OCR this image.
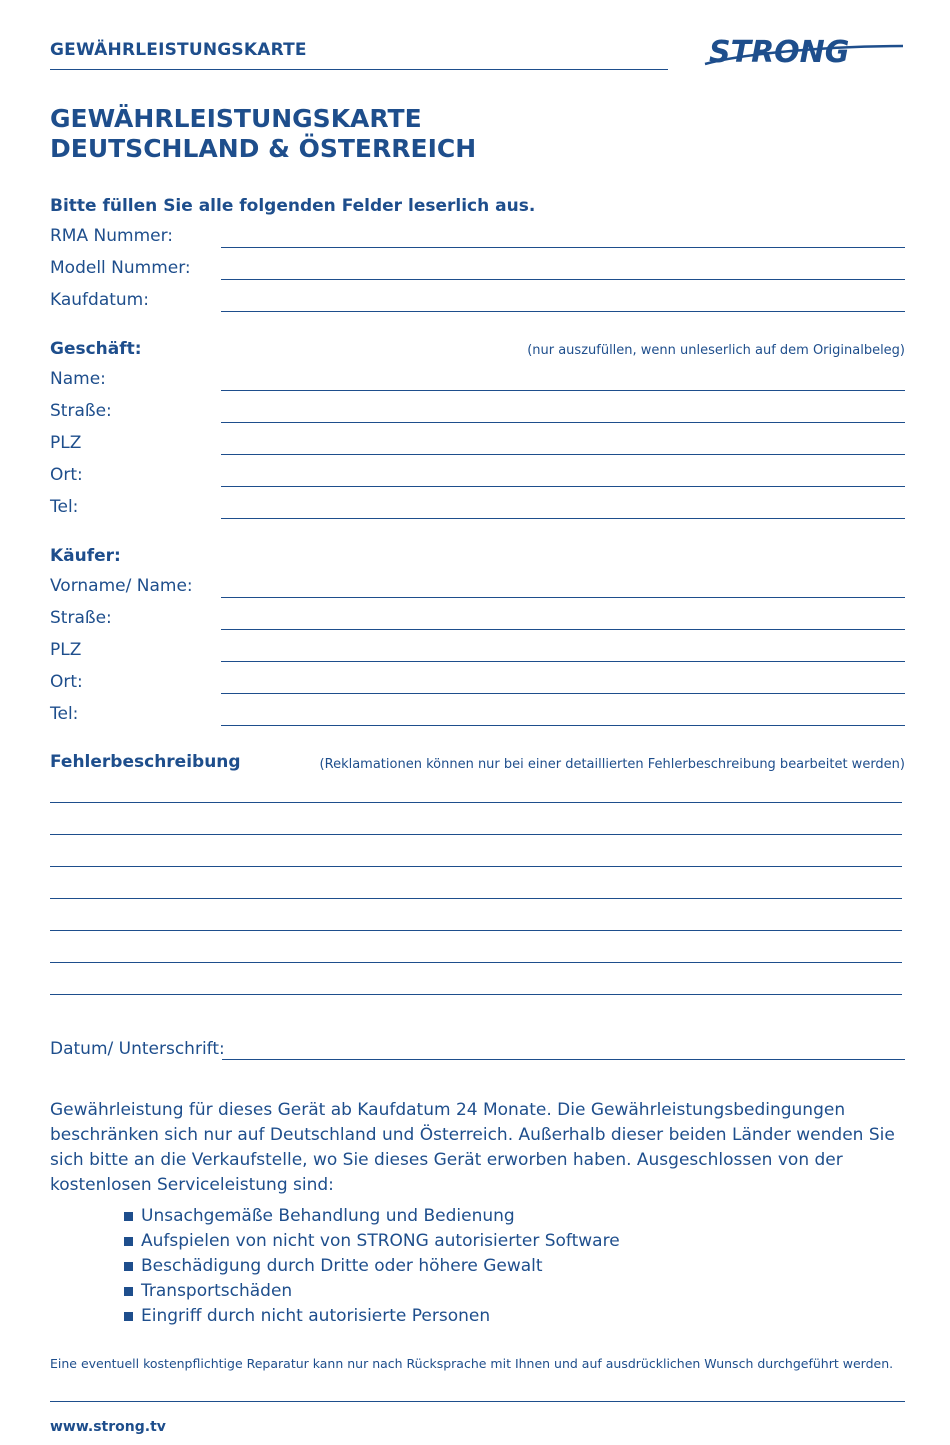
GEWÄHRLEISTUNGSKARTE	STRONG
GEWÄHRLEISTUNGSKARTE
DEUTSCHLAND & ÖSTERREICH
Bitte füllen Sie alle folgenden Felder leserlich aus.
RMA Nummer:
Modell Nummer:
Kaufdatum:
Geschäft:	(nur auszufüllen, wenn unleserlich auf dem Originalbeleg)
Name:
Straße:
PLZ
Ort:
Tel:
Käufer:
Vorname/ Name:
Straße:
PLZ
Ort:
Tel:
Fehlerbeschreibung	(Reklamationen können nur bei einer detaillierten Fehlerbeschreibung bearbeitet werden)
Datum/ Unterschrift:
Gewährleistung für dieses Gerät ab Kaufdatum 24 Monate. Die Gewährleistungsbedingungen beschränken sich nur auf Deutschland und Österreich. Außerhalb dieser beiden Länder wenden Sie sich bitte an die Verkaufstelle, wo Sie dieses Gerät erworben haben. Ausgeschlossen von der kostenlosen Serviceleistung sind:
Unsachgemäße Behandlung und Bedienung
Aufspielen von nicht von STRONG autorisierter Software
Beschädigung durch Dritte oder höhere Gewalt
Transportschäden
Eingriff durch nicht autorisierte Personen
Eine eventuell kostenpflichtige Reparatur kann nur nach Rücksprache mit Ihnen und auf ausdrücklichen Wunsch durchgeführt werden.
www.strong.tv
